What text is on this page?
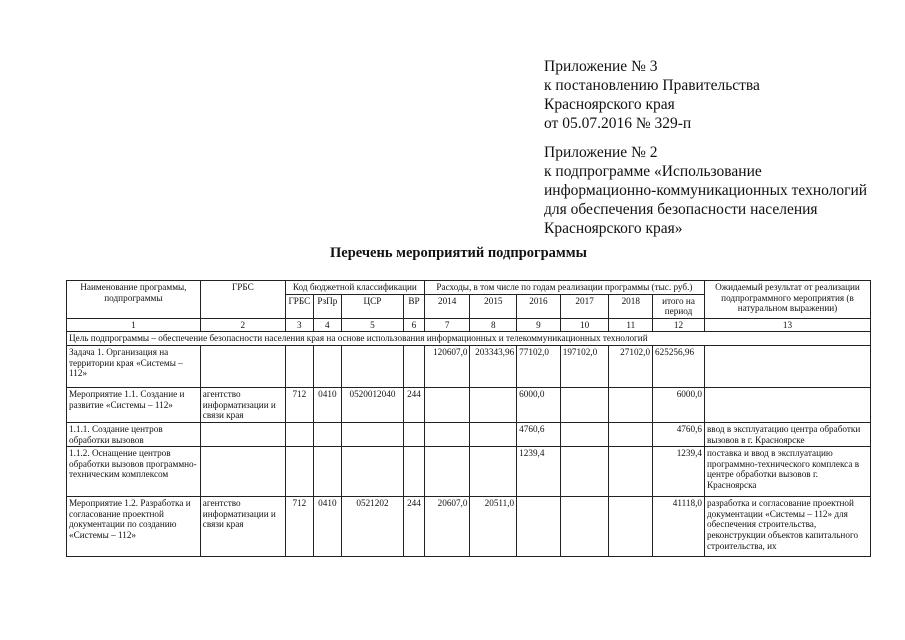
Приложение № 3
к постановлению Правительства
Красноярского края
от 05.07.2016 № 329-п
Приложение № 2
к подпрограмме «Использование
информационно-коммуникационных технологий
для обеспечения безопасности населения
Красноярского края»
Перечень мероприятий подпрограммы
Наименование программы, подпрограммы	ГРБС	Код бюджетной классификации				Расходы, в том числе по годам реализации программы (тыс. руб.)						Ожидаемый результат от реализации подпрограммного мероприятия (в натуральном выражении)
		ГРБС	РзПр	ЦСР	ВР	2014	2015	2016	2017	2018	итого на период	
1	2	3	4	5	6	7	8	9	10	11	12	13
Цель подпрограммы – обеспечение безопасности населения края на основе использования информационных и телекоммуникационных технологий												
Задача 1. Организация на территории края «Системы – 112»						120607,0	203343,96	77102,0	197102,0	27102,0	625256,96	
Мероприятие 1.1. Создание и развитие «Системы – 112»	агентство информатизации и связи края	712	0410	0520012040	244			6000,0			6000,0	
1.1.1. Создание центров обработки вызовов								4760,6			4760,6	ввод в эксплуатацию центра обработки вызовов в г. Красноярске
1.1.2. Оснащение центров обработки вызовов программно-техническим комплексом								1239,4			1239,4	поставка и ввод в эксплуатацию программно-технического комплекса в центре обработки вызовов г. Красноярска
Мероприятие 1.2. Разработка и согласование проектной документации по созданию «Системы – 112»	агентство информатизации и связи края	712	0410	0521202	244	20607,0	20511,0				41118,0	разработка и согласование проектной документации «Системы – 112» для обеспечения строительства, реконструкции объектов капитального строительства, их
